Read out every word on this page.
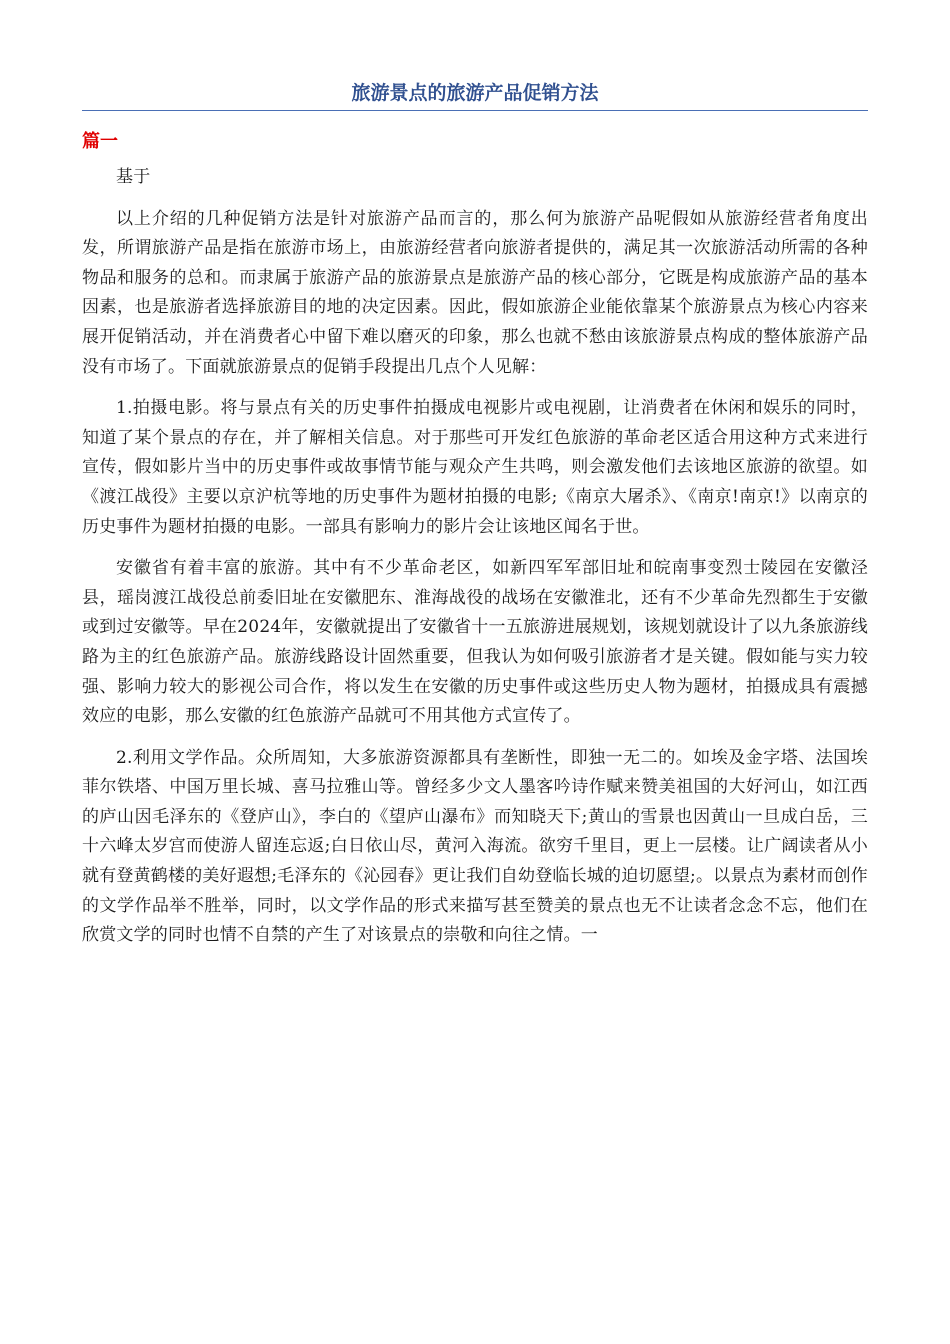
旅游景点的旅游产品促销方法
篇一

基于

以上介绍的几种促销方法是针对旅游产品而言的，那么何为旅游产品呢假如从旅游经营者角度出发，所谓旅游产品是指在旅游市场上，由旅游经营者向旅游者提供的，满足其一次旅游活动所需的各种物品和服务的总和。而隶属于旅游产品的旅游景点是旅游产品的核心部分，它既是构成旅游产品的基本因素，也是旅游者选择旅游目的地的决定因素。因此，假如旅游企业能依靠某个旅游景点为核心内容来展开促销活动，并在消费者心中留下难以磨灭的印象，那么也就不愁由该旅游景点构成的整体旅游产品没有市场了。下面就旅游景点的促销手段提出几点个人见解：

1.拍摄电影。将与景点有关的历史事件拍摄成电视影片或电视剧，让消费者在休闲和娱乐的同时，知道了某个景点的存在，并了解相关信息。对于那些可开发红色旅游的革命老区适合用这种方式来进行宣传，假如影片当中的历史事件或故事情节能与观众产生共鸣，则会激发他们去该地区旅游的欲望。如《渡江战役》主要以京沪杭等地的历史事件为题材拍摄的电影;《南京大屠杀》、《南京!南京!》以南京的历史事件为题材拍摄的电影。一部具有影响力的影片会让该地区闻名于世。

安徽省有着丰富的旅游。其中有不少革命老区，如新四军军部旧址和皖南事变烈士陵园在安徽泾县，瑶岗渡江战役总前委旧址在安徽肥东、淮海战役的战场在安徽淮北，还有不少革命先烈都生于安徽或到过安徽等。早在2024年，安徽就提出了安徽省十一五旅游进展规划，该规划就设计了以九条旅游线路为主的红色旅游产品。旅游线路设计固然重要，但我认为如何吸引旅游者才是关键。假如能与实力较强、影响力较大的影视公司合作，将以发生在安徽的历史事件或这些历史人物为题材，拍摄成具有震撼效应的电影，那么安徽的红色旅游产品就可不用其他方式宣传了。

2.利用文学作品。众所周知，大多旅游资源都具有垄断性，即独一无二的。如埃及金字塔、法国埃菲尔铁塔、中国万里长城、喜马拉雅山等。曾经多少文人墨客吟诗作赋来赞美祖国的大好河山，如江西的庐山因毛泽东的《登庐山》，李白的《望庐山瀑布》而知晓天下;黄山的雪景也因黄山一旦成白岳，三十六峰太岁宫而使游人留连忘返;白日依山尽，黄河入海流。欲穷千里目，更上一层楼。让广阔读者从小就有登黄鹤楼的美好遐想;毛泽东的《沁园春》更让我们自幼登临长城的迫切愿望;。以景点为素材而创作的文学作品举不胜举，同时，以文学作品的形式来描写甚至赞美的景点也无不让读者念念不忘，他们在欣赏文学的同时也情不自禁的产生了对该景点的崇敬和向往之情。一
